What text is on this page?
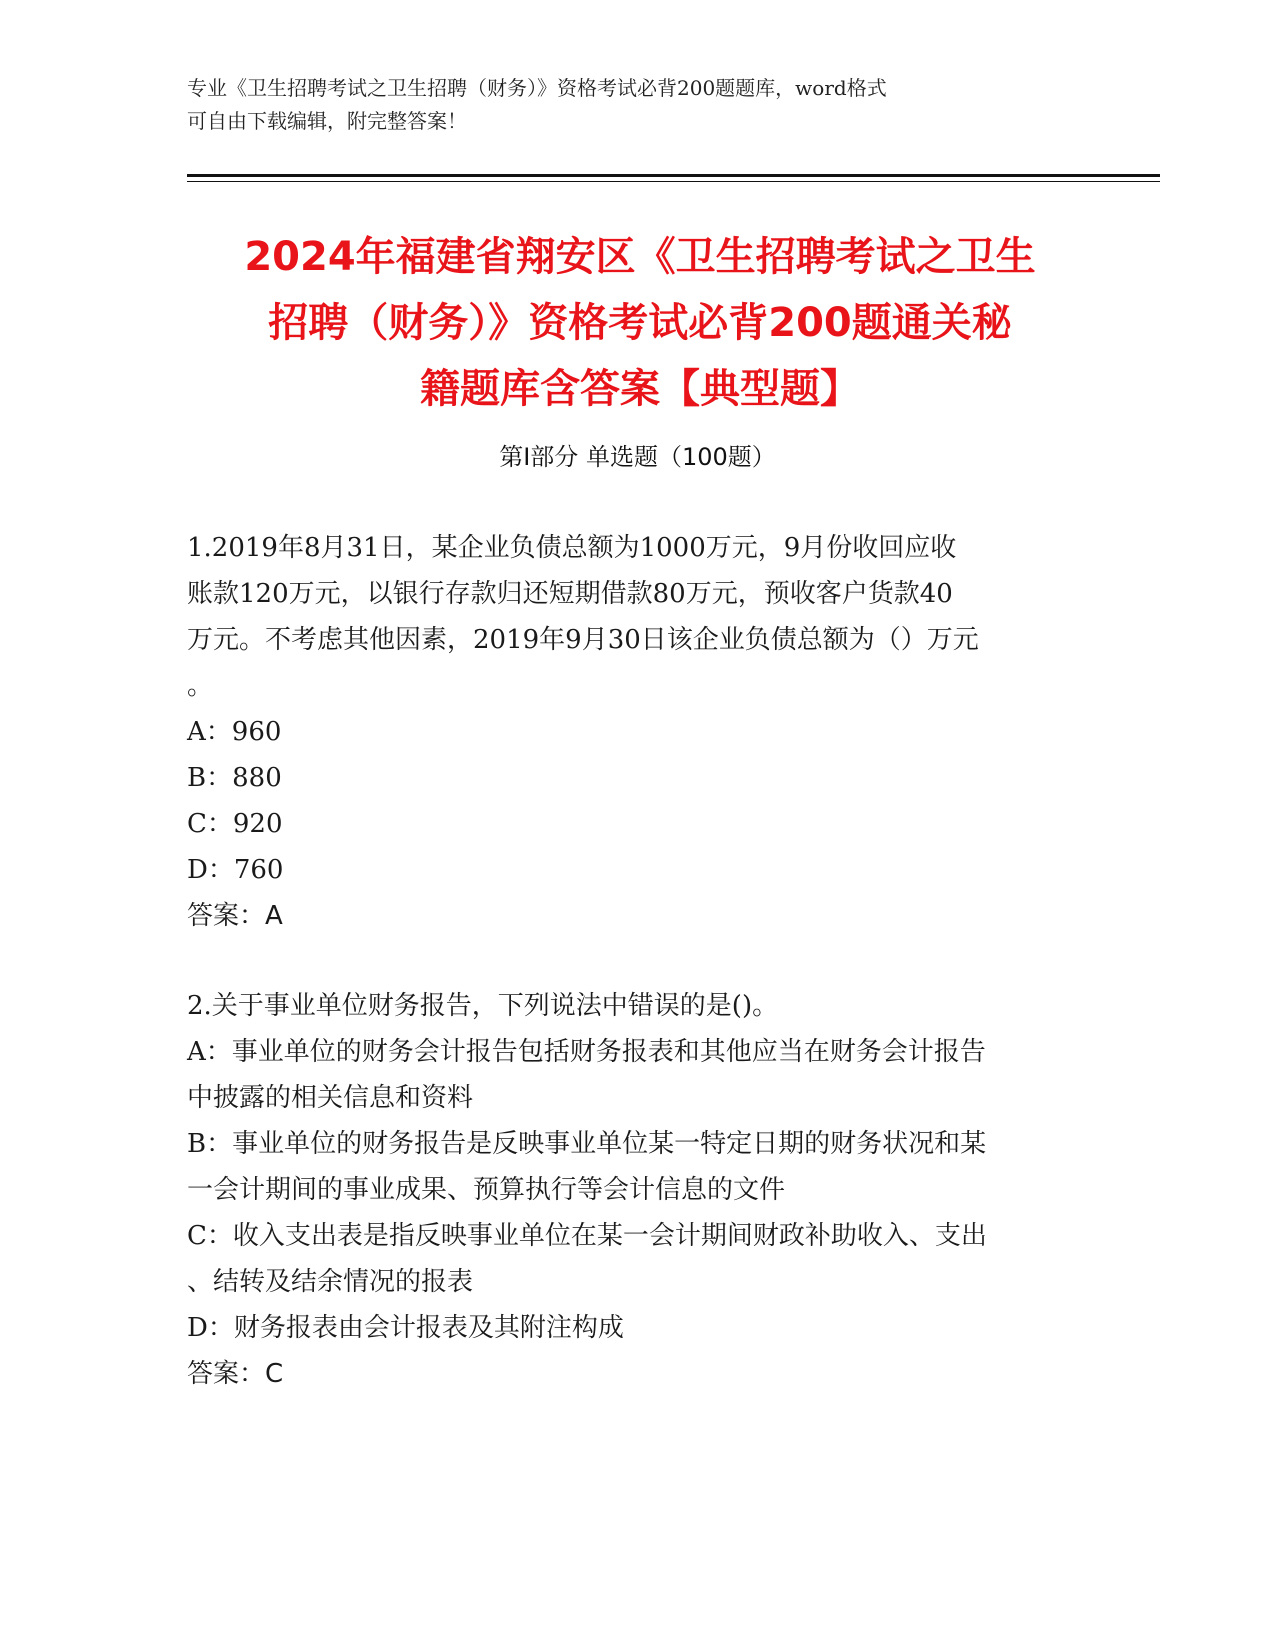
专业《卫生招聘考试之卫生招聘（财务）》资格考试必背200题题库，word格式
可自由下载编辑，附完整答案！
2024年福建省翔安区《卫生招聘考试之卫生
招聘（财务）》资格考试必背200题通关秘
籍题库含答案【典型题】
第I部分 单选题（100题）
1.2019年8月31日，某企业负债总额为1000万元，9月份收回应收
账款120万元，以银行存款归还短期借款80万元，预收客户货款40
万元。不考虑其他因素，2019年9月30日该企业负债总额为（）万元
。
A：960
B：880
C：920
D：760
答案：A
2.关于事业单位财务报告，下列说法中错误的是()。
A：事业单位的财务会计报告包括财务报表和其他应当在财务会计报告
中披露的相关信息和资料
B：事业单位的财务报告是反映事业单位某一特定日期的财务状况和某
一会计期间的事业成果、预算执行等会计信息的文件
C：收入支出表是指反映事业单位在某一会计期间财政补助收入、支出
、结转及结余情况的报表
D：财务报表由会计报表及其附注构成
答案：C
